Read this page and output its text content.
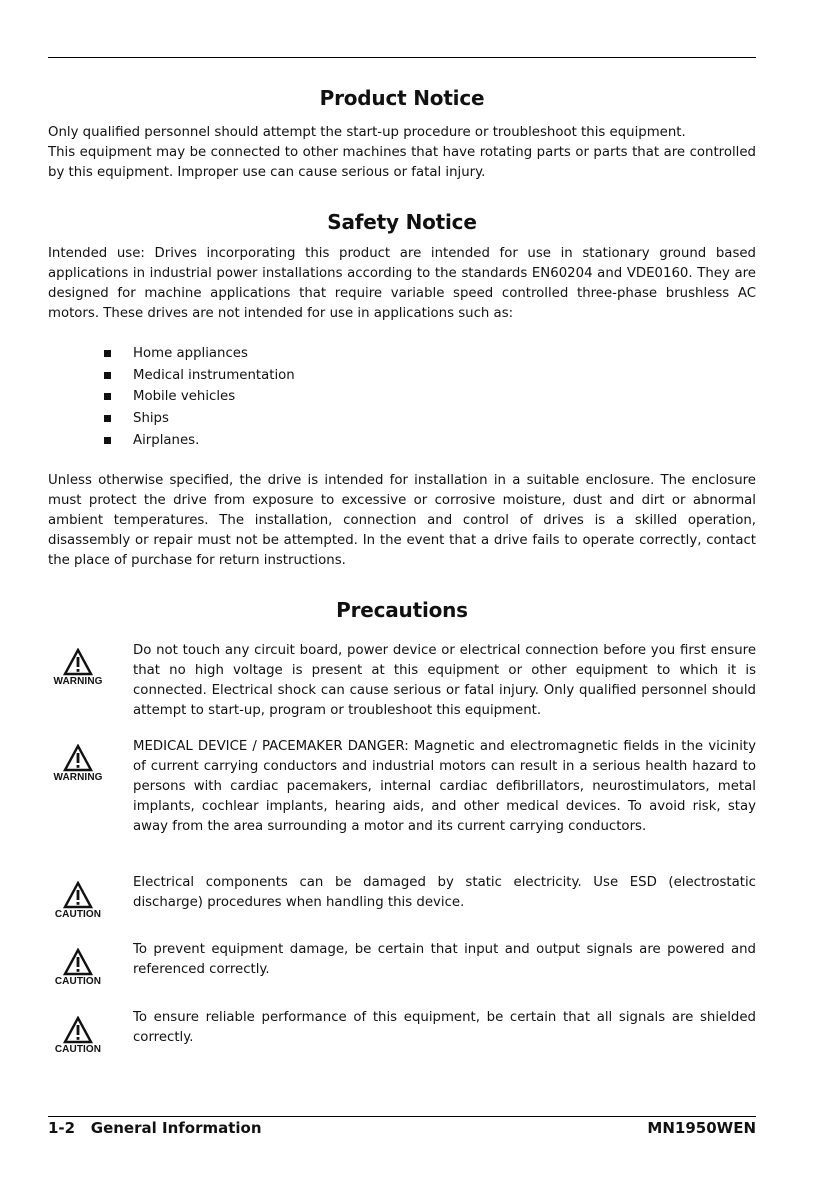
Product Notice

Only qualified personnel should attempt the start-up procedure or troubleshoot this equipment.

This equipment may be connected to other machines that have rotating parts or parts that are controlled by this equipment. Improper use can cause serious or fatal injury.

Safety Notice

Intended use: Drives incorporating this product are intended for use in stationary ground based applications in industrial power installations according to the standards EN60204 and VDE0160. They are designed for machine applications that require variable speed controlled three-phase brushless AC motors. These drives are not intended for use in applications such as:

Home appliances
Medical instrumentation
Mobile vehicles
Ships
Airplanes.

Unless otherwise specified, the drive is intended for installation in a suitable enclosure. The enclosure must protect the drive from exposure to excessive or corrosive moisture, dust and dirt or abnormal ambient temperatures. The installation, connection and control of drives is a skilled operation, disassembly or repair must not be attempted. In the event that a drive fails to operate correctly, contact the place of purchase for return instructions.

Precautions
WARNING

Do not touch any circuit board, power device or electrical connection before you first ensure that no high voltage is present at this equipment or other equipment to which it is connected. Electrical shock can cause serious or fatal injury. Only qualified personnel should attempt to start-up, program or troubleshoot this equipment.

WARNING

MEDICAL DEVICE / PACEMAKER DANGER: Magnetic and electromagnetic fields in the vicinity of current carrying conductors and industrial motors can result in a serious health hazard to persons with cardiac pacemakers, internal cardiac defibrillators, neurostimulators, metal implants, cochlear implants, hearing aids, and other medical devices. To avoid risk, stay away from the area surrounding a motor and its current carrying conductors.

CAUTION

Electrical components can be damaged by static electricity. Use ESD (electrostatic discharge) procedures when handling this device.

CAUTION

To prevent equipment damage, be certain that input and output signals are powered and referenced correctly.

CAUTION

To ensure reliable performance of this equipment, be certain that all signals are shielded correctly.

1-2   General Information	MN1950WEN
